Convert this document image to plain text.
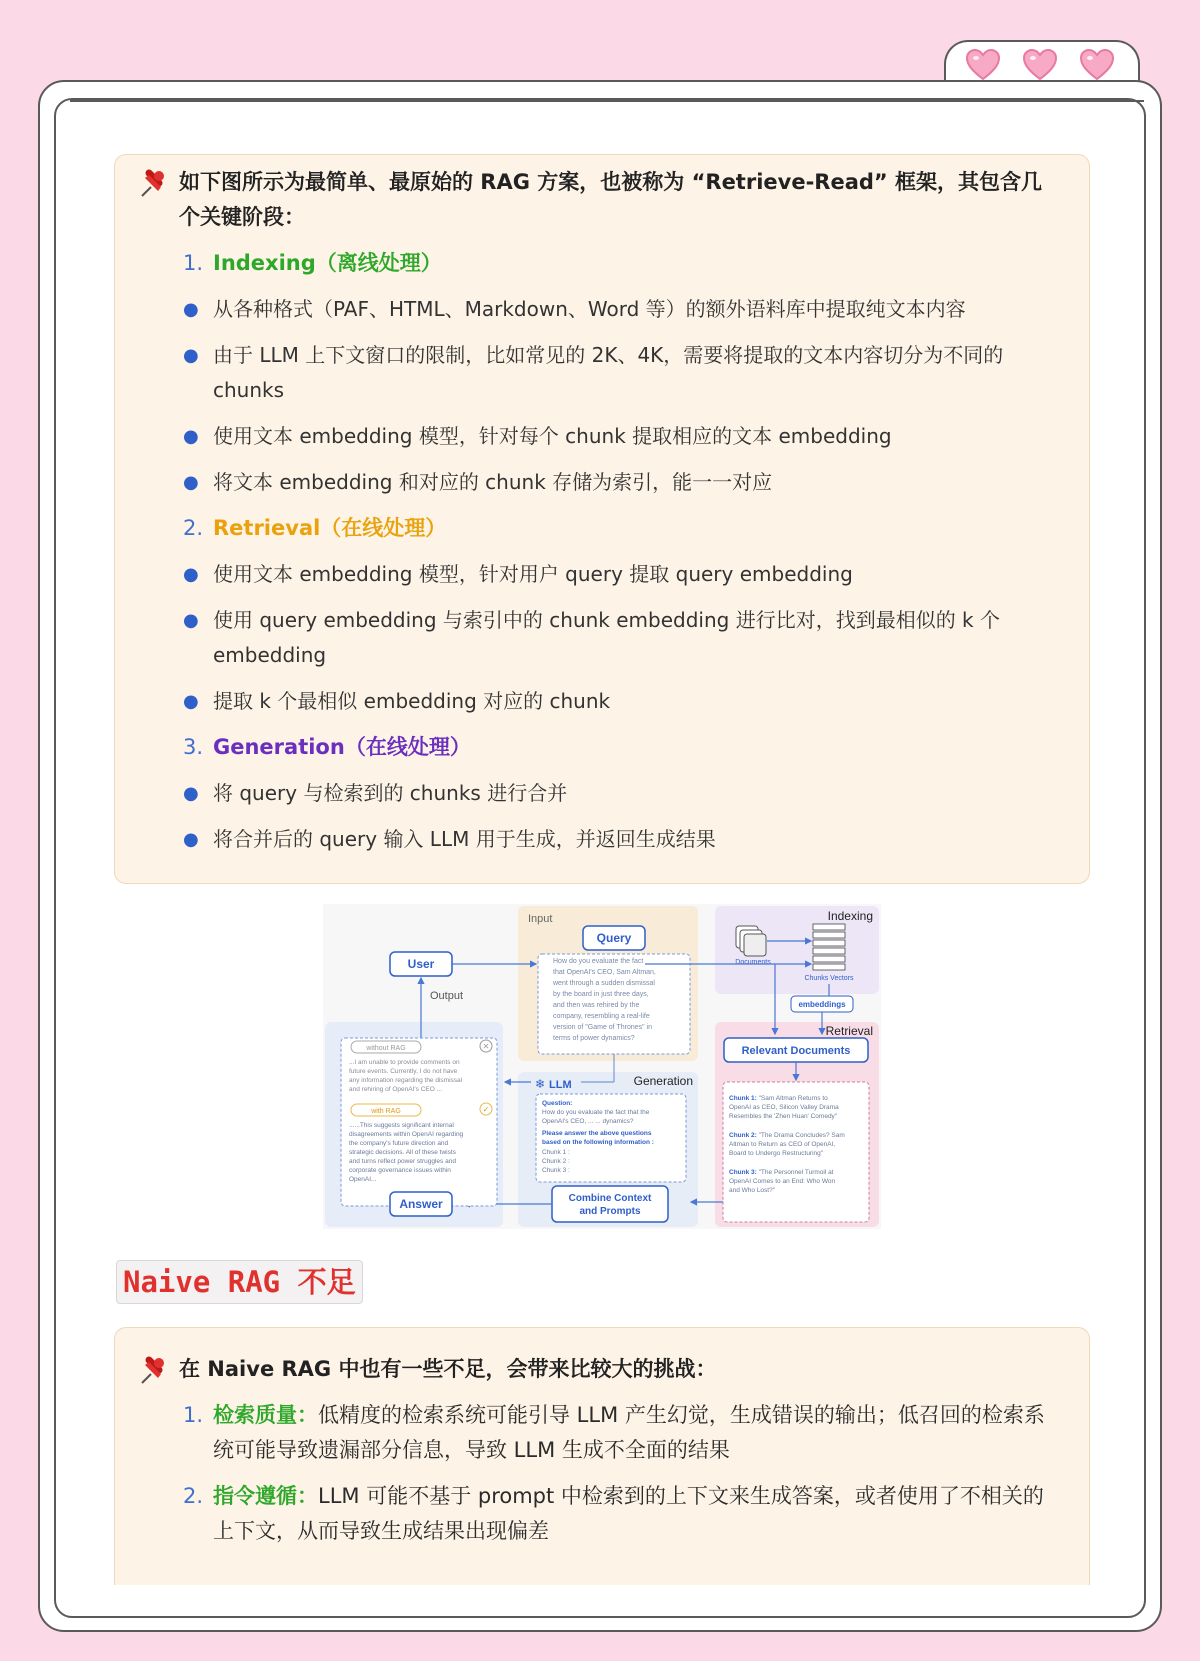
如下图所示为最简单、最原始的 RAG 方案，也被称为 “Retrieve-Read” 框架，其包含几个关键阶段：
1. Indexing（离线处理）
● 从各种格式（PAF、HTML、Markdown、Word 等）的额外语料库中提取纯文本内容
● 由于 LLM 上下文窗口的限制，比如常见的 2K、4K，需要将提取的文本内容切分为不同的 chunks
● 使用文本 embedding 模型，针对每个 chunk 提取相应的文本 embedding
● 将文本 embedding 和对应的 chunk 存储为索引，能一一对应
2. Retrieval（在线处理）
● 使用文本 embedding 模型，针对用户 query 提取 query embedding
● 使用 query embedding 与索引中的 chunk embedding 进行比对，找到最相似的 k 个 embedding
● 提取 k 个最相似 embedding 对应的 chunk
3. Generation（在线处理）
● 将 query 与检索到的 chunks 进行合并
● 将合并后的 query 输入 LLM 用于生成，并返回生成结果
Input	Indexing
Retrieval
Output
Generation
Query
How do you evaluate the fact
that OpenAI's CEO, Sam Altman,
went through a sudden dismissal
by the board in just three days,
and then was rehired by the
company, resembling a real-life
version of "Game of Thrones" in
terms of power dynamics?
User	Documents
Chunks Vectors
embeddings
Relevant Documents
Chunk 1: "Sam Altman Returns to
OpenAI as CEO, Silicon Valley Drama
Resembles the 'Zhen Huan' Comedy"
Chunk 2: "The Drama Concludes? Sam
Altman to Return as CEO of OpenAI,
Board to Undergo Restructuring"
Chunk 3: "The Personnel Turmoil at
OpenAI Comes to an End: Who Won
and Who Lost?"
❄ LLM
Question:
How do you evaluate the fact that the
OpenAI's CEO, ... ... dynamics?
Please answer the above questions
based on the following information :
Chunk 1 :
Chunk 2 :
Chunk 3 :
Combine Context
and Prompts
without RAG	✕
...I am unable to provide comments on
future events. Currently, I do not have
any information regarding the dismissal
and rehiring of OpenAI's CEO ...
with RAG	✓
......This suggests significant internal
disagreements within OpenAI regarding
the company's future direction and
strategic decisions. All of these twists
and turns reflect power struggles and
corporate governance issues within
OpenAI...
Answer
Naive RAG 不足
在 Naive RAG 中也有一些不足，会带来比较大的挑战：
1. 检索质量：低精度的检索系统可能引导 LLM 产生幻觉，生成错误的输出；低召回的检索系统可能导致遗漏部分信息，导致 LLM 生成不全面的结果
2. 指令遵循：LLM 可能不基于 prompt 中检索到的上下文来生成答案，或者使用了不相关的上下文，从而导致生成结果出现偏差
